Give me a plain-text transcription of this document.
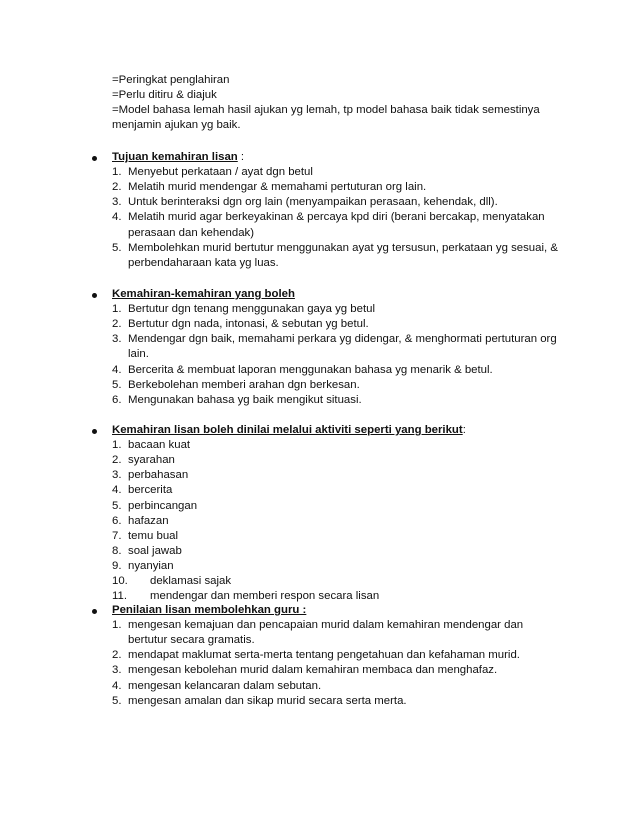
=Peringkat penglahiran
=Perlu ditiru & diajuk
=Model bahasa lemah hasil ajukan yg lemah, tp model bahasa baik tidak semestinya
menjamin ajukan yg baik.
Tujuan kemahiran lisan :
1. Menyebut perkataan / ayat dgn betul
2. Melatih murid mendengar & memahami pertuturan org lain.
3. Untuk berinteraksi dgn org lain (menyampaikan perasaan, kehendak, dll).
4. Melatih murid agar berkeyakinan & percaya kpd diri (berani bercakap, menyatakan
perasaan dan kehendak)
5. Membolehkan murid bertutur menggunakan ayat yg tersusun, perkataan yg sesuai, &
perbendaharaan kata yg luas.
Kemahiran-kemahiran yang boleh
1. Bertutur dgn tenang menggunakan gaya yg betul
2. Bertutur dgn nada, intonasi, & sebutan yg betul.
3. Mendengar dgn baik, memahami perkara yg didengar, & menghormati pertuturan org
lain.
4. Bercerita & membuat laporan menggunakan bahasa yg menarik & betul.
5. Berkebolehan memberi arahan dgn berkesan.
6. Mengunakan bahasa yg baik mengikut situasi.
Kemahiran lisan boleh dinilai melalui aktiviti seperti yang berikut:
1. bacaan kuat
2. syarahan
3. perbahasan
4. bercerita
5. perbincangan
6. hafazan
7. temu bual
8. soal jawab
9. nyanyian
10. deklamasi sajak
11. mendengar dan memberi respon secara lisan
Penilaian lisan membolehkan guru :
1. mengesan kemajuan dan pencapaian murid dalam kemahiran mendengar dan
bertutur secara gramatis.
2. mendapat maklumat serta-merta tentang pengetahuan dan kefahaman murid.
3. mengesan kebolehan murid dalam kemahiran membaca dan menghafaz.
4. mengesan kelancaran dalam sebutan.
5. mengesan amalan dan sikap murid secara serta merta.
